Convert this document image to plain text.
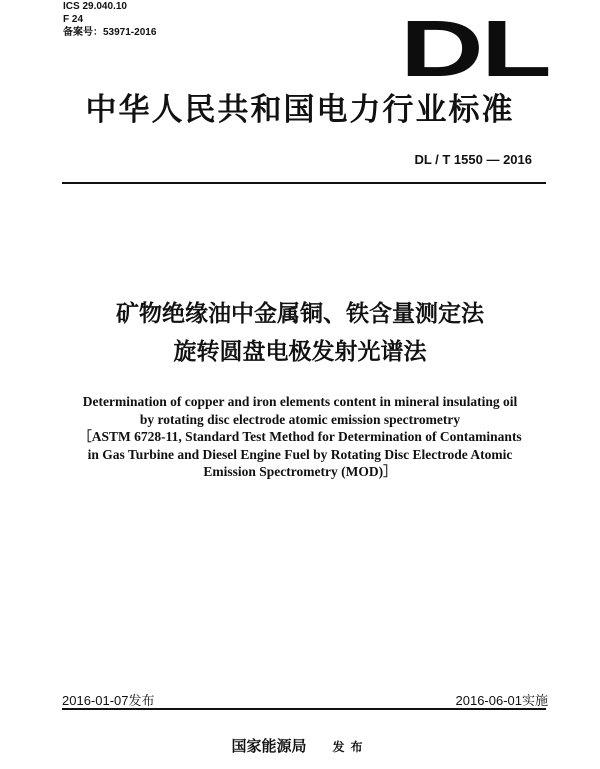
ICS 29.040.10
F 24
备案号：53971-2016	DL
中华人民共和国电力行业标准
DL / T 1550 — 2016
矿物绝缘油中金属铜、铁含量测定法
旋转圆盘电极发射光谱法
Determination of copper and iron elements content in mineral insulating oil
by rotating disc electrode atomic emission spectrometry
［ASTM 6728-11, Standard Test Method for Determination of Contaminants
in Gas Turbine and Diesel Engine Fuel by Rotating Disc Electrode Atomic
Emission Spectrometry (MOD)］
2016-01-07发布	2016-06-01实施
国家能源局 发布
